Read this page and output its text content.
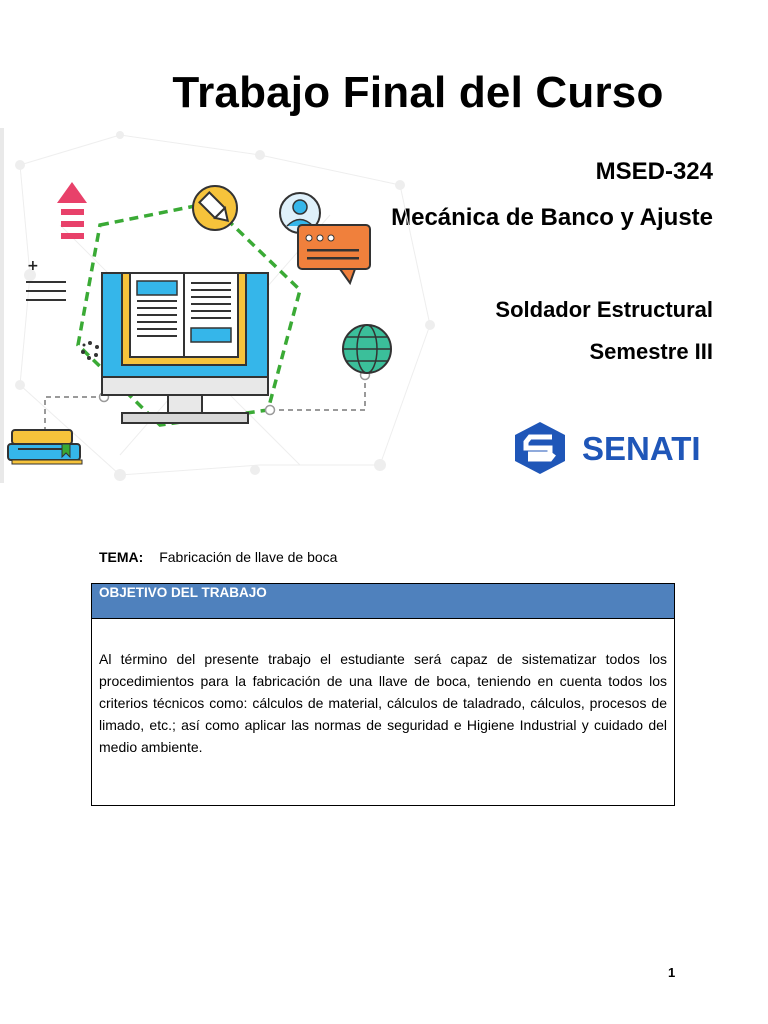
Trabajo Final del Curso
MSED-324
Mecánica de Banco y Ajuste
Soldador Estructural
Semestre III
+
SENATI
TEMA: Fabricación de llave de boca
OBJETIVO DEL TRABAJO
Al término del presente trabajo el estudiante será capaz de sistematizar todos los procedimientos para la fabricación de una llave de boca, teniendo en cuenta todos los criterios técnicos como: cálculos de material, cálculos de taladrado, cálculos, procesos de limado, etc.; así como aplicar las normas de seguridad e Higiene Industrial y cuidado del medio ambiente.
1
